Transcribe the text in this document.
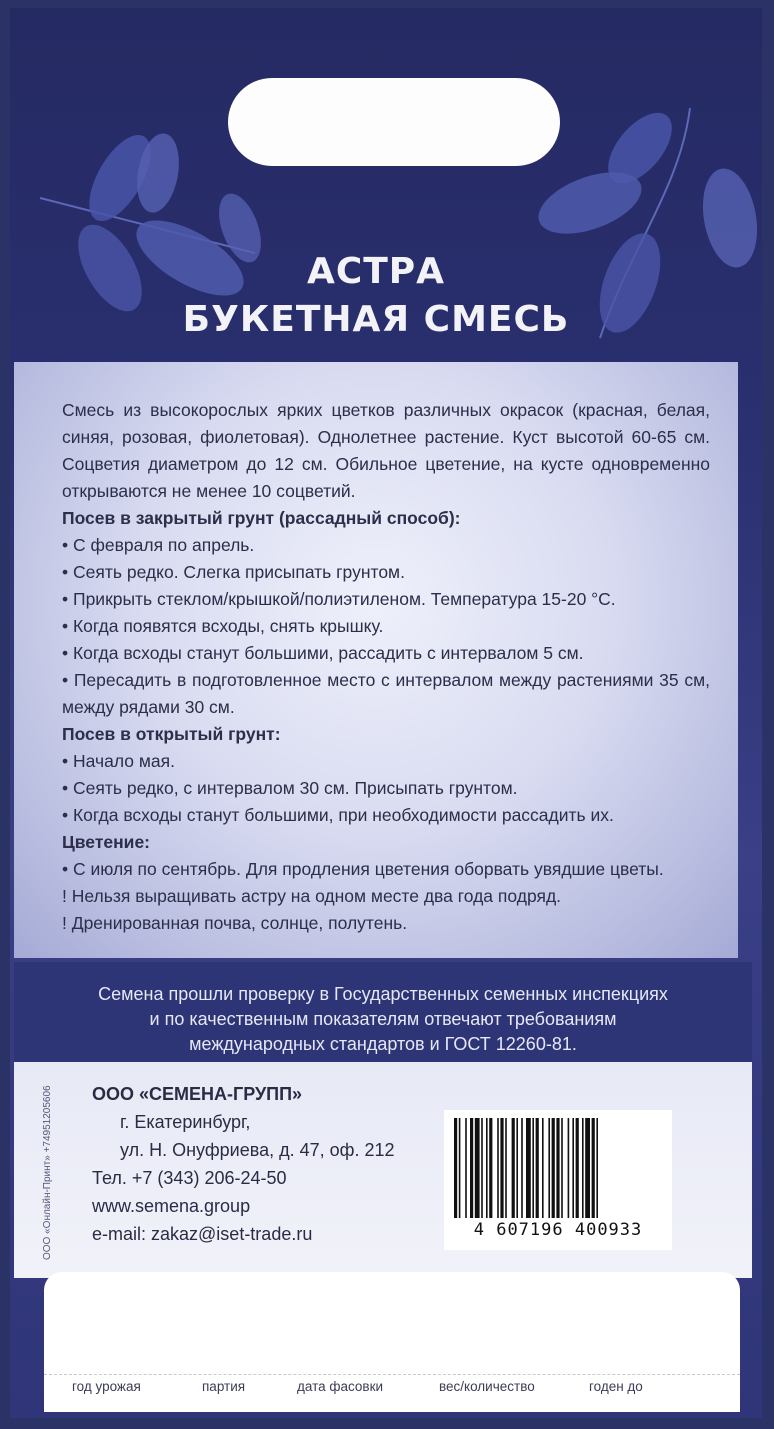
АСТРА
БУКЕТНАЯ СМЕСЬ

Смесь из высокорослых ярких цветков различных окрасок (красная, белая, синяя, розовая, фиолетовая). Однолетнее растение. Куст высотой 60-65 см. Соцветия диаметром до 12 см. Обильное цветение, на кусте одновременно открываются не менее 10 соцветий.

Посев в закрытый грунт (рассадный способ):

• С февраля по апрель.

• Сеять редко. Слегка присыпать грунтом.

• Прикрыть стеклом/крышкой/полиэтиленом. Температура 15-20 °С.

• Когда появятся всходы, снять крышку.

• Когда всходы станут большими, рассадить с интервалом 5 см.

• Пересадить в подготовленное место с интервалом между растениями 35 см, между рядами 30 см.

Посев в открытый грунт:

• Начало мая.

• Сеять редко, с интервалом 30 см. Присыпать грунтом.

• Когда всходы станут большими, при необходимости рассадить их.

Цветение:

• С июля по сентябрь. Для продления цветения оборвать увядшие цветы.

! Нельзя выращивать астру на одном месте два года подряд.

! Дренированная почва, солнце, полутень.

Семена прошли проверку в Государственных семенных инспекциях
и по качественным показателям отвечают требованиям
международных стандартов и ГОСТ 12260-81.
ООО «Онлайн-Принт» +74951205606	ООО «СЕМЕНА-ГРУПП»
г. Екатеринбург,
ул. Н. Онуфриева, д. 47, оф. 212
Тел. +7 (343) 206-24-50
www.semena.group
e-mail: zakaz@iset-trade.ru	4 607196 400933
год урожая	партия	дата фасовки	вес/количество	годен до
